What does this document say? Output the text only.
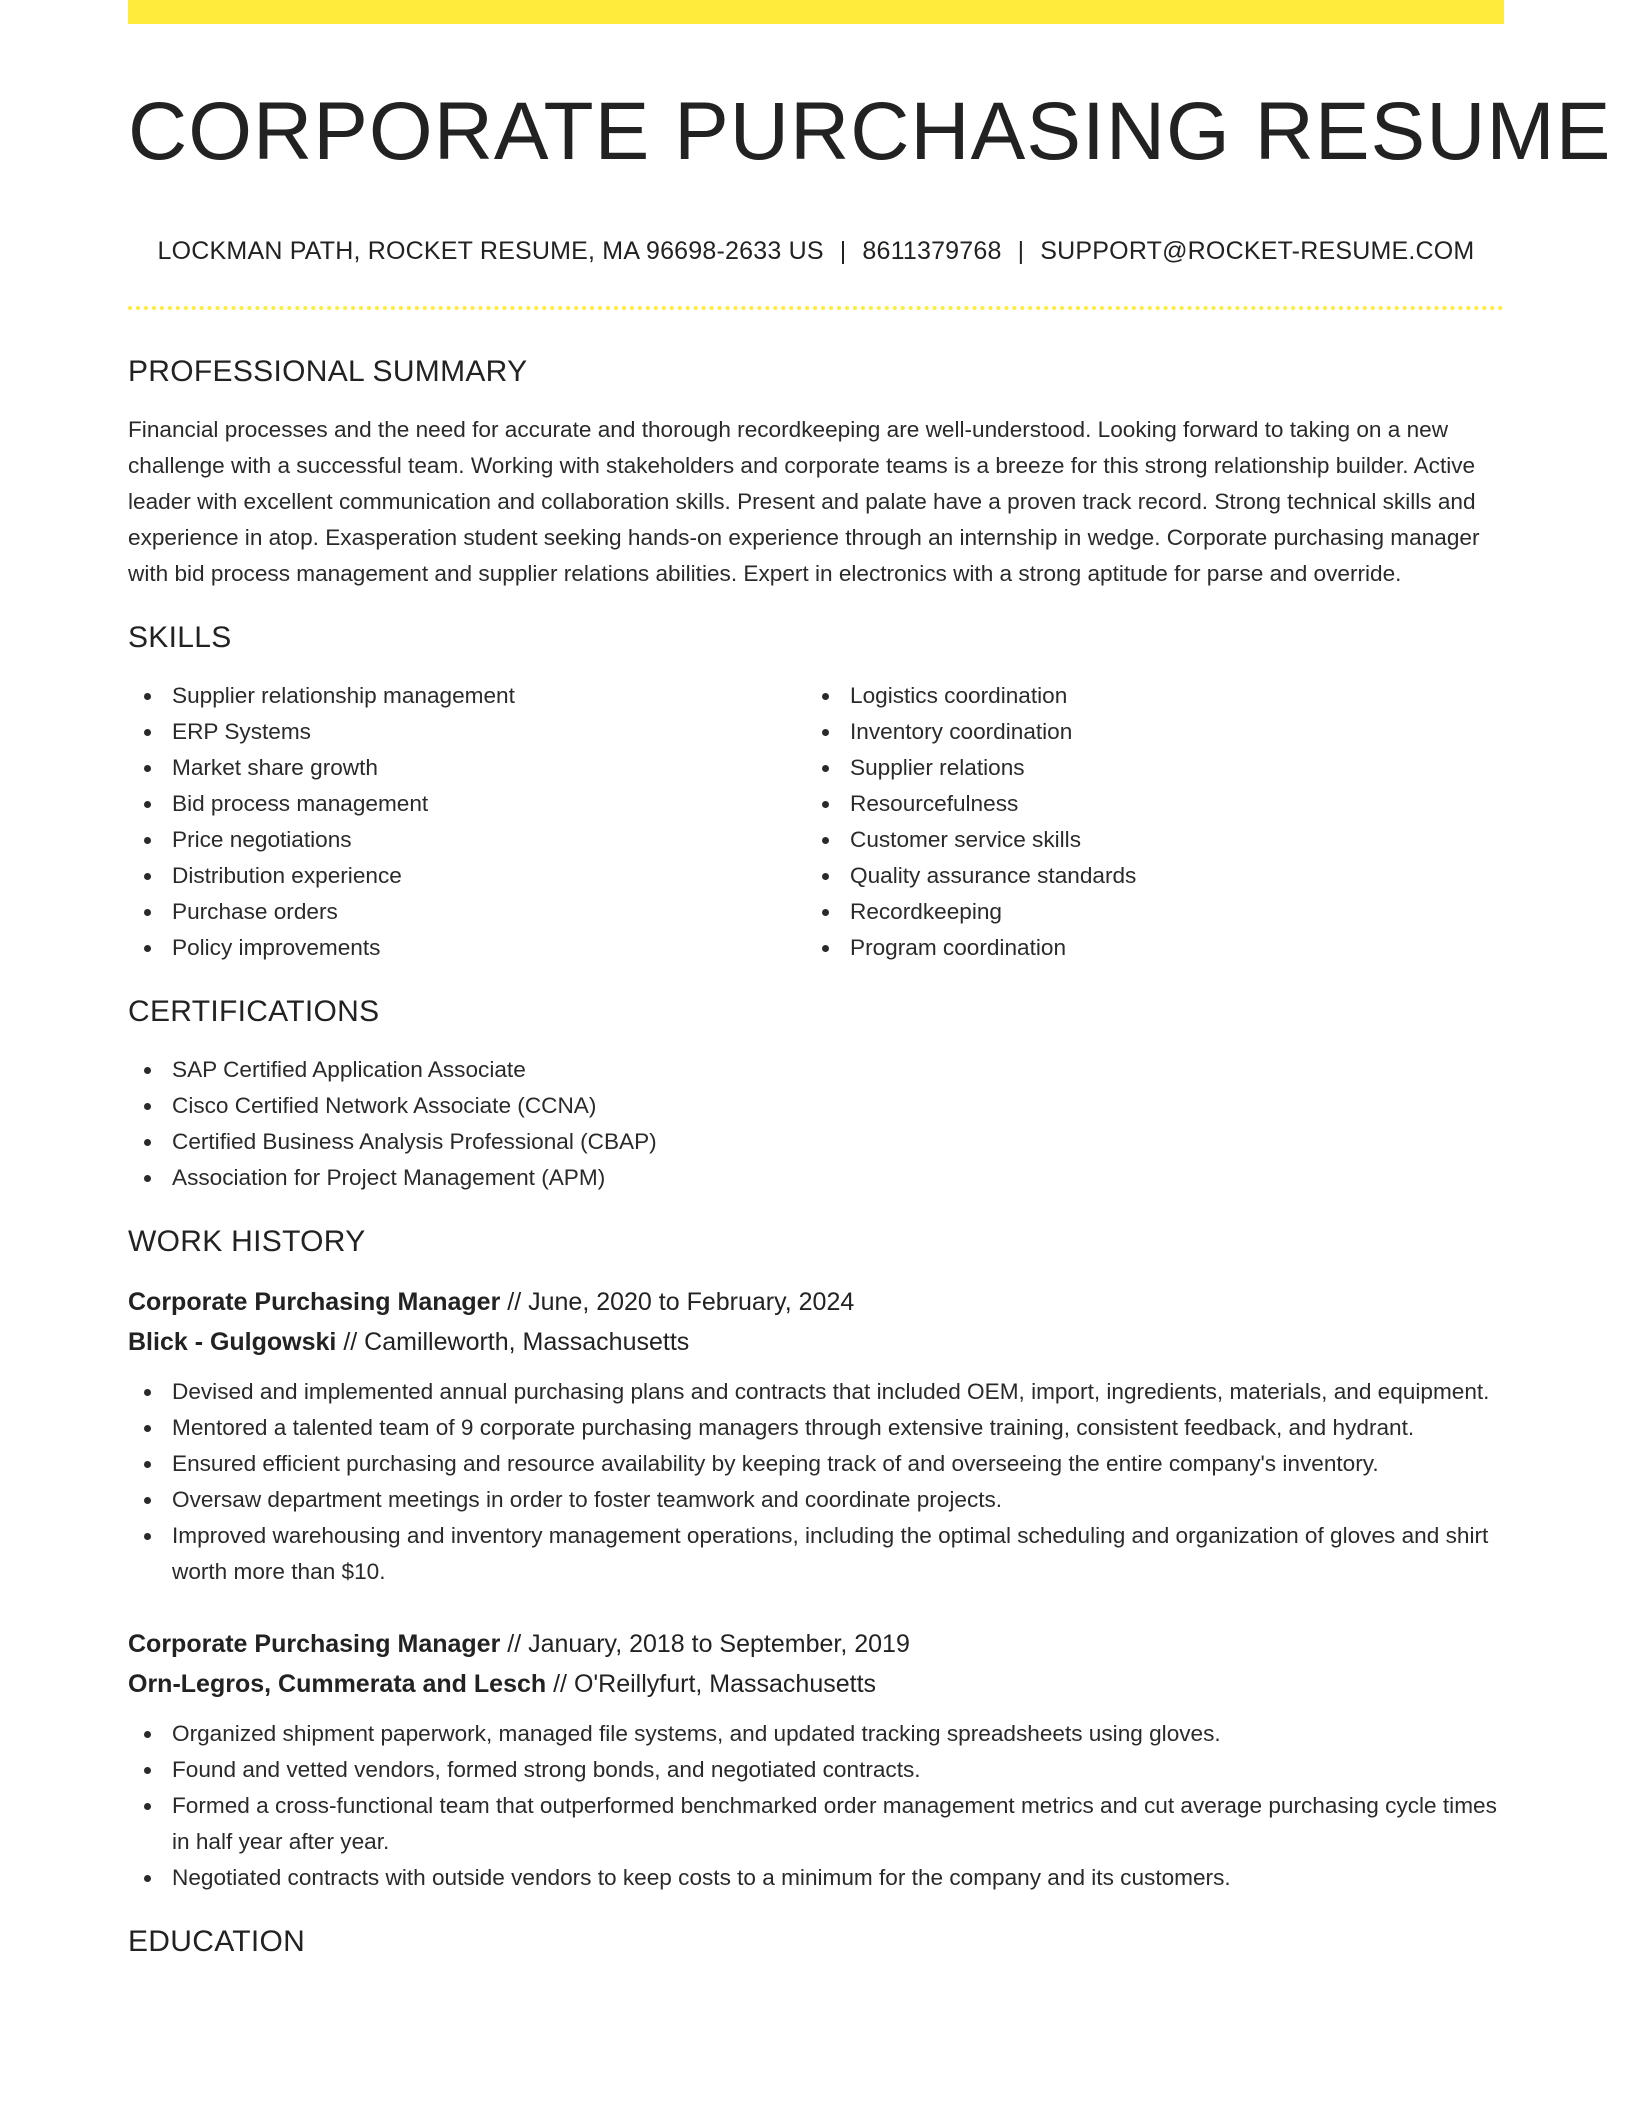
CORPORATE PURCHASING RESUME
LOCKMAN PATH, ROCKET RESUME, MA 96698-2633 US | 8611379768 | SUPPORT@ROCKET-RESUME.COM
PROFESSIONAL SUMMARY

Financial processes and the need for accurate and thorough recordkeeping are well-understood. Looking forward to taking on a new challenge with a successful team. Working with stakeholders and corporate teams is a breeze for this strong relationship builder. Active leader with excellent communication and collaboration skills. Present and palate have a proven track record. Strong technical skills and experience in atop. Exasperation student seeking hands-on experience through an internship in wedge. Corporate purchasing manager with bid process management and supplier relations abilities. Expert in electronics with a strong aptitude for parse and override.

SKILLS
Supplier relationship management
ERP Systems
Market share growth
Bid process management
Price negotiations
Distribution experience
Purchase orders
Policy improvements
Logistics coordination
Inventory coordination
Supplier relations
Resourcefulness
Customer service skills
Quality assurance standards
Recordkeeping
Program coordination
CERTIFICATIONS
SAP Certified Application Associate
Cisco Certified Network Associate (CCNA)
Certified Business Analysis Professional (CBAP)
Association for Project Management (APM)
WORK HISTORY
Corporate Purchasing Manager // June, 2020 to February, 2024
Blick - Gulgowski // Camilleworth, Massachusetts
Devised and implemented annual purchasing plans and contracts that included OEM, import, ingredients, materials, and equipment.
Mentored a talented team of 9 corporate purchasing managers through extensive training, consistent feedback, and hydrant.
Ensured efficient purchasing and resource availability by keeping track of and overseeing the entire company's inventory.
Oversaw department meetings in order to foster teamwork and coordinate projects.
Improved warehousing and inventory management operations, including the optimal scheduling and organization of gloves and shirt worth more than $10.
Corporate Purchasing Manager // January, 2018 to September, 2019
Orn-Legros, Cummerata and Lesch // O'Reillyfurt, Massachusetts
Organized shipment paperwork, managed file systems, and updated tracking spreadsheets using gloves.
Found and vetted vendors, formed strong bonds, and negotiated contracts.
Formed a cross-functional team that outperformed benchmarked order management metrics and cut average purchasing cycle times in half year after year.
Negotiated contracts with outside vendors to keep costs to a minimum for the company and its customers.
EDUCATION
